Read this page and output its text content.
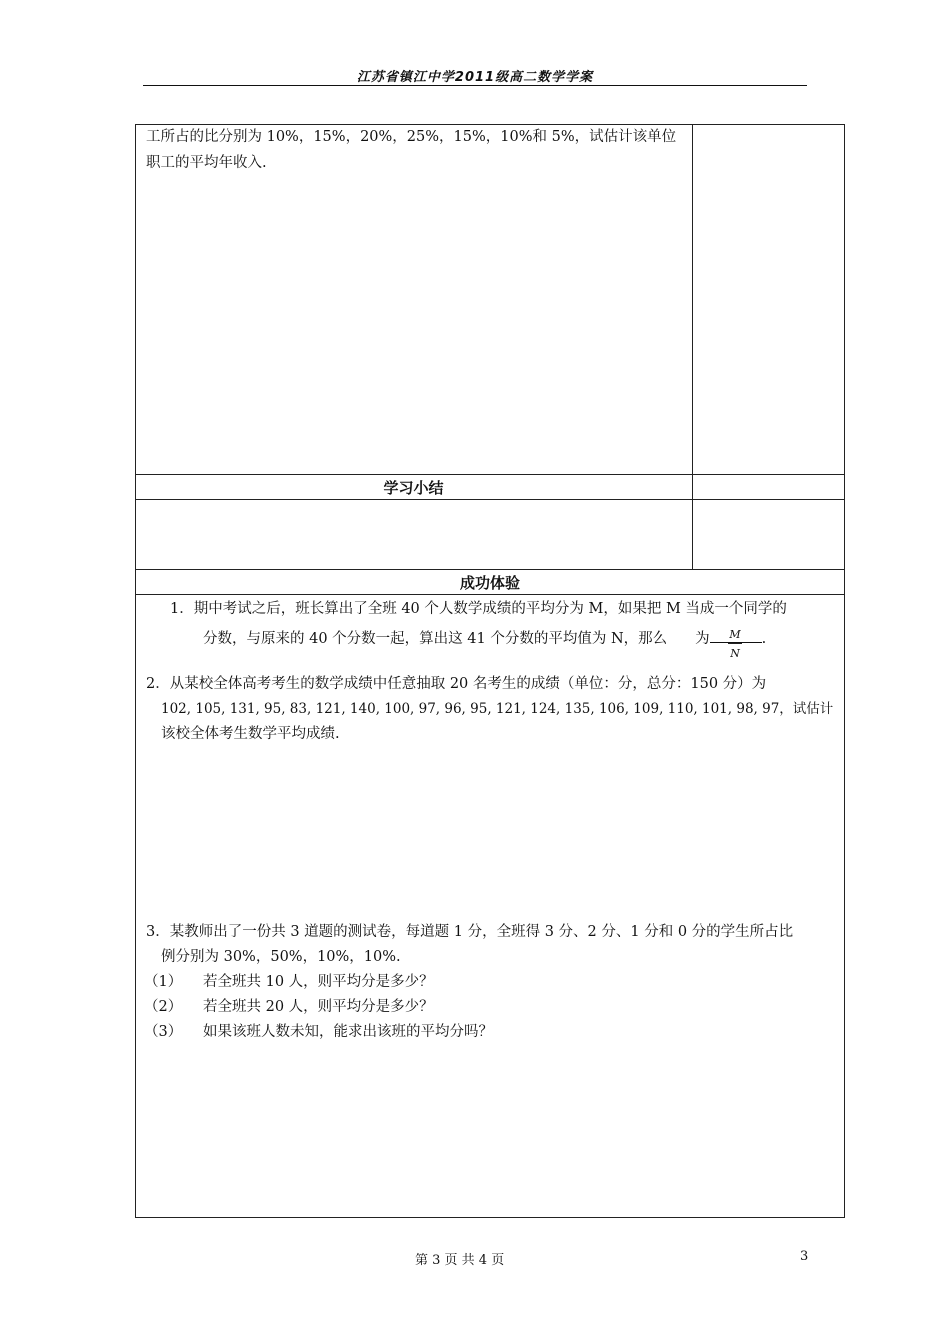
江苏省镇江中学2011级高二数学学案
工所占的比分别为 10%，15%，20%，25%，15%，10%和 5%，试估计该单位
职工的平均年收入.
学习小结
成功体验
1．期中考试之后，班长算出了全班 40 个人数学成绩的平均分为 M，如果把 M 当成一个同学的
分数，与原来的 40 个分数一起，算出这 41 个分数的平均值为 N，那么 为	.
M
N
2．从某校全体高考考生的数学成绩中任意抽取 20 名考生的成绩（单位：分，总分：150 分）为
102, 105, 131, 95, 83, 121, 140, 100, 97, 96, 95, 121, 124, 135, 106, 109, 110, 101, 98, 97，试估计
该校全体考生数学平均成绩.
3．某教师出了一份共 3 道题的测试卷，每道题 1 分，全班得 3 分、2 分、1 分和 0 分的学生所占比
例分别为 30%，50%，10%，10%.
（1） 若全班共 10 人，则平均分是多少？
（2） 若全班共 20 人，则平均分是多少？
（3） 如果该班人数未知，能求出该班的平均分吗？
第 3 页 共 4 页	3
